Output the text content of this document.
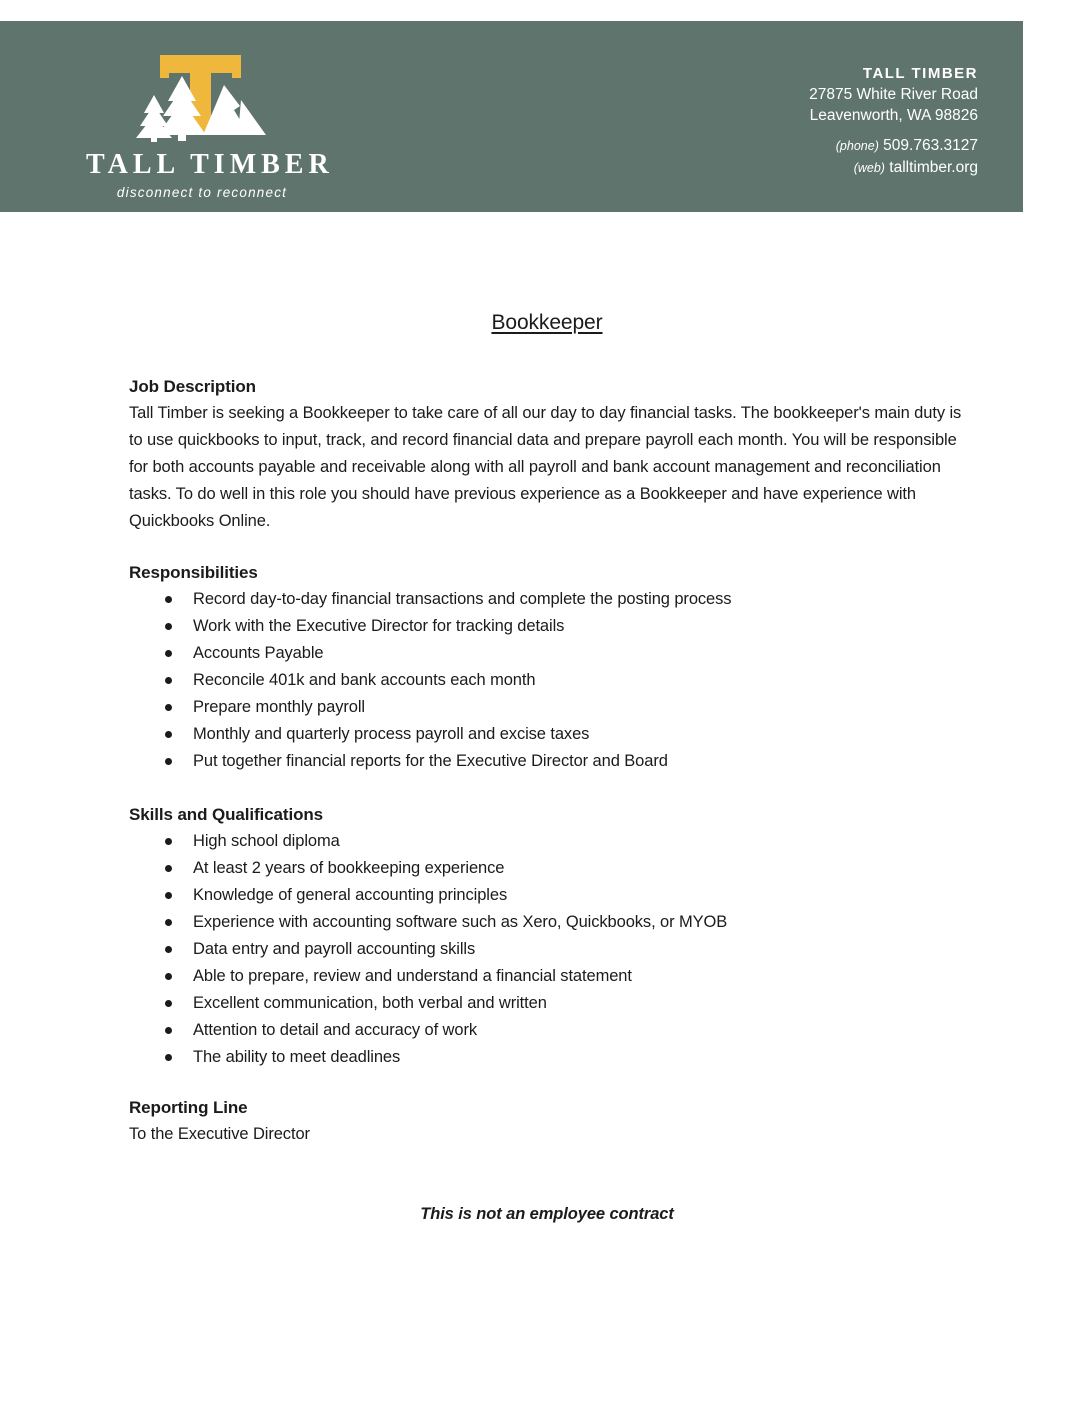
TALL TIMBER
disconnect to reconnect
TALL TIMBER
27875 White River Road
Leavenworth, WA 98826
(phone) 509.763.3127
(web) talltimber.org
Bookkeeper
Job Description

Tall Timber is seeking a Bookkeeper to take care of all our day to day financial tasks. The bookkeeper's main duty is to use quickbooks to input, track, and record financial data and prepare payroll each month. You will be responsible for both accounts payable and receivable along with all payroll and bank account management and reconciliation tasks. To do well in this role you should have previous experience as a Bookkeeper and have experience with Quickbooks Online.

Responsibilities
Record day-to-day financial transactions and complete the posting process
Work with the Executive Director for tracking details
Accounts Payable
Reconcile 401k and bank accounts each month
Prepare monthly payroll
Monthly and quarterly process payroll and excise taxes
Put together financial reports for the Executive Director and Board
Skills and Qualifications
High school diploma
At least 2 years of bookkeeping experience
Knowledge of general accounting principles
Experience with accounting software such as Xero, Quickbooks, or MYOB
Data entry and payroll accounting skills
Able to prepare, review and understand a financial statement
Excellent communication, both verbal and written
Attention to detail and accuracy of work
The ability to meet deadlines
Reporting Line

To the Executive Director

This is not an employee contract
